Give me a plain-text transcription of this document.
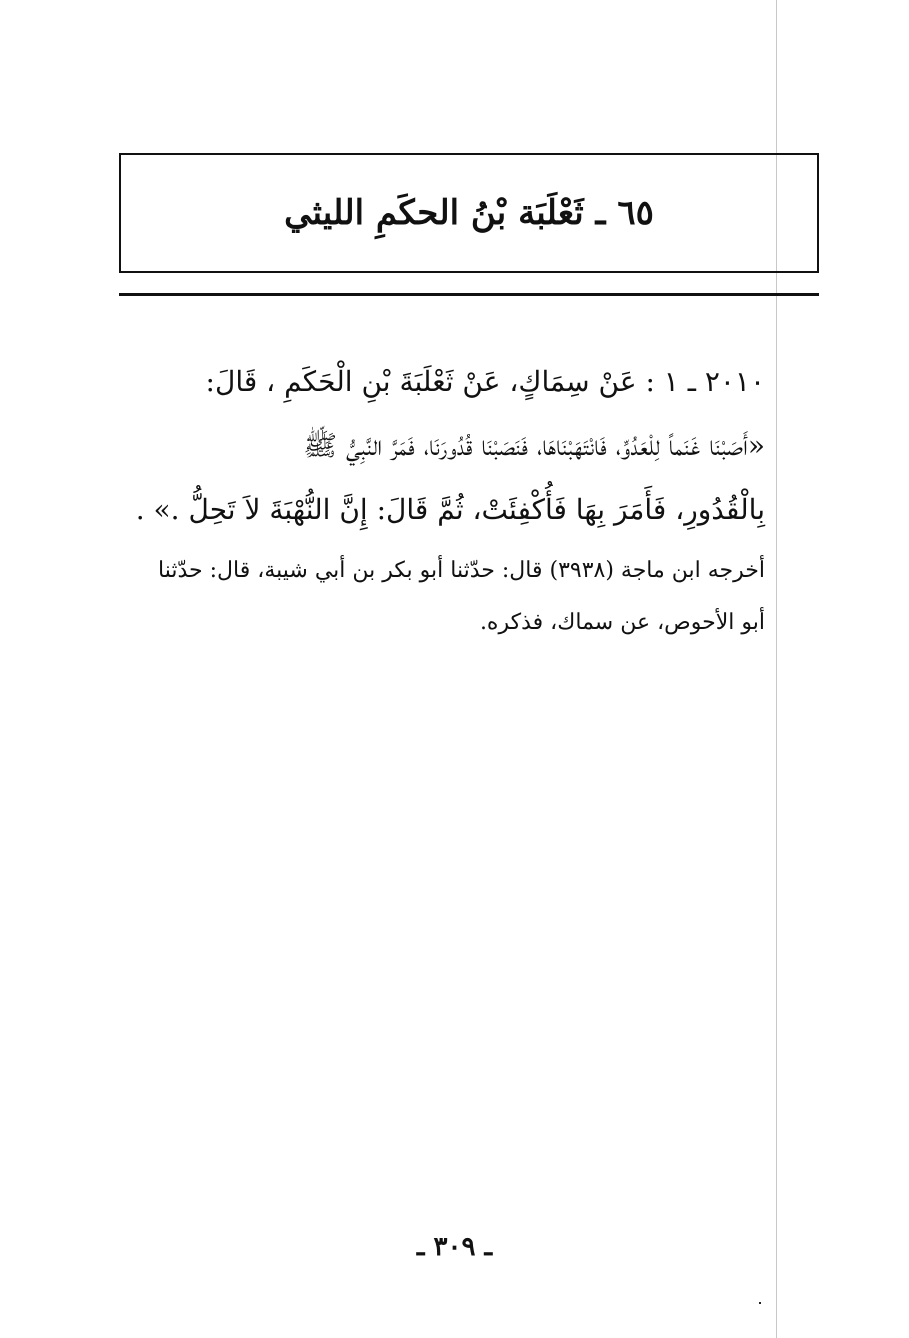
٦٥ ـ ثَعْلَبَة بْنُ الحكَمِ الليثي

٢٠١٠ ـ ١ : عَنْ سِمَاكٍ، عَنْ ثَعْلَبَةَ بْنِ الْحَكَمِ ، قَالَ:

«أَصَبْنَا غَنَماً لِلْعَدُوِّ، فَانْتَهَبْنَاهَا، فَنَصَبْنَا قُدُورَنَا، فَمَرَّ النَّبِيُّ ﷺ

بِالْقُدُورِ، فَأَمَرَ بِهَا فَأُكْفِئَتْ، ثُمَّ قَالَ: إِنَّ النُّهْبَةَ لاَ تَحِلُّ .» .

أخرجه ابن ماجة (٣٩٣٨) قال: حدّثنا أبو بكر بن أبي شيبة، قال: حدّثنا

أبو الأحوص، عن سماك، فذكره.

ـ ٣٠٩ ـ
